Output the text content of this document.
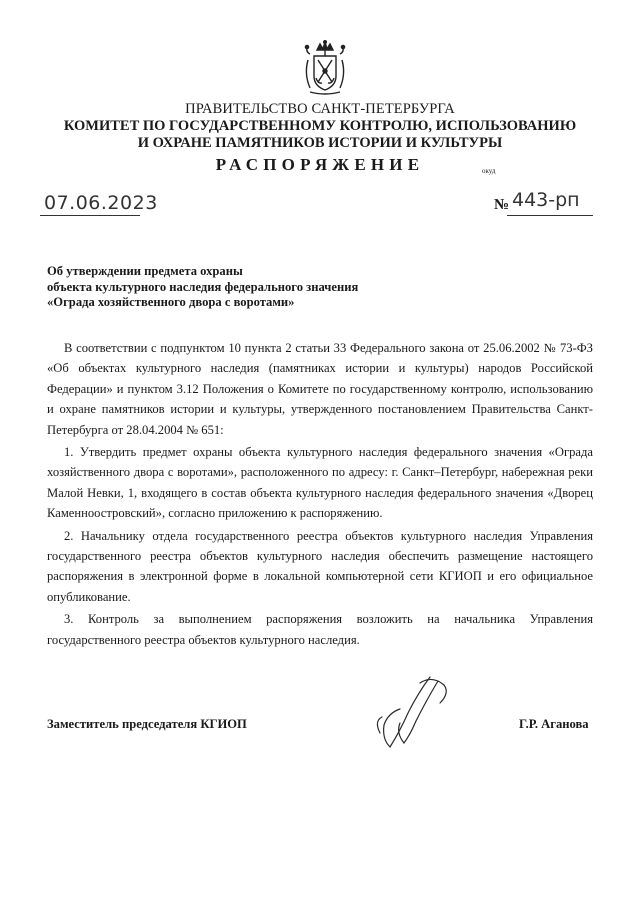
ПРАВИТЕЛЬСТВО САНКТ-ПЕТЕРБУРГА
КОМИТЕТ ПО ГОСУДАРСТВЕННОМУ КОНТРОЛЮ, ИСПОЛЬЗОВАНИЮ
И ОХРАНЕ ПАМЯТНИКОВ ИСТОРИИ И КУЛЬТУРЫ
РАСПОРЯЖЕНИЕ	окуд
07.06.2023	№ 443-рп
Об утверждении предмета охраны
объекта культурного наследия федерального значения
«Ограда хозяйственного двора с воротами»

В соответствии с подпунктом 10 пункта 2 статьи 33 Федерального закона от 25.06.2002 № 73-ФЗ «Об объектах культурного наследия (памятниках истории и культуры) народов Российской Федерации» и пунктом 3.12 Положения о Комитете по государственному контролю, использованию и охране памятников истории и культуры, утвержденного постановлением Правительства Санкт-Петербурга от 28.04.2004 № 651:

1. Утвердить предмет охраны объекта культурного наследия федерального значения «Ограда хозяйственного двора с воротами», расположенного по адресу: г. Санкт–Петербург, набережная реки Малой Невки, 1, входящего в состав объекта культурного наследия федерального значения «Дворец Каменноостровский», согласно приложению к распоряжению.

2. Начальнику отдела государственного реестра объектов культурного наследия Управления государственного реестра объектов культурного наследия обеспечить размещение настоящего распоряжения в электронной форме в локальной компьютерной сети КГИОП и его официальное опубликование.

3. Контроль за выполнением распоряжения возложить на начальника Управления государственного реестра объектов культурного наследия.

Заместитель председателя КГИОП	Г.Р. Аганова
